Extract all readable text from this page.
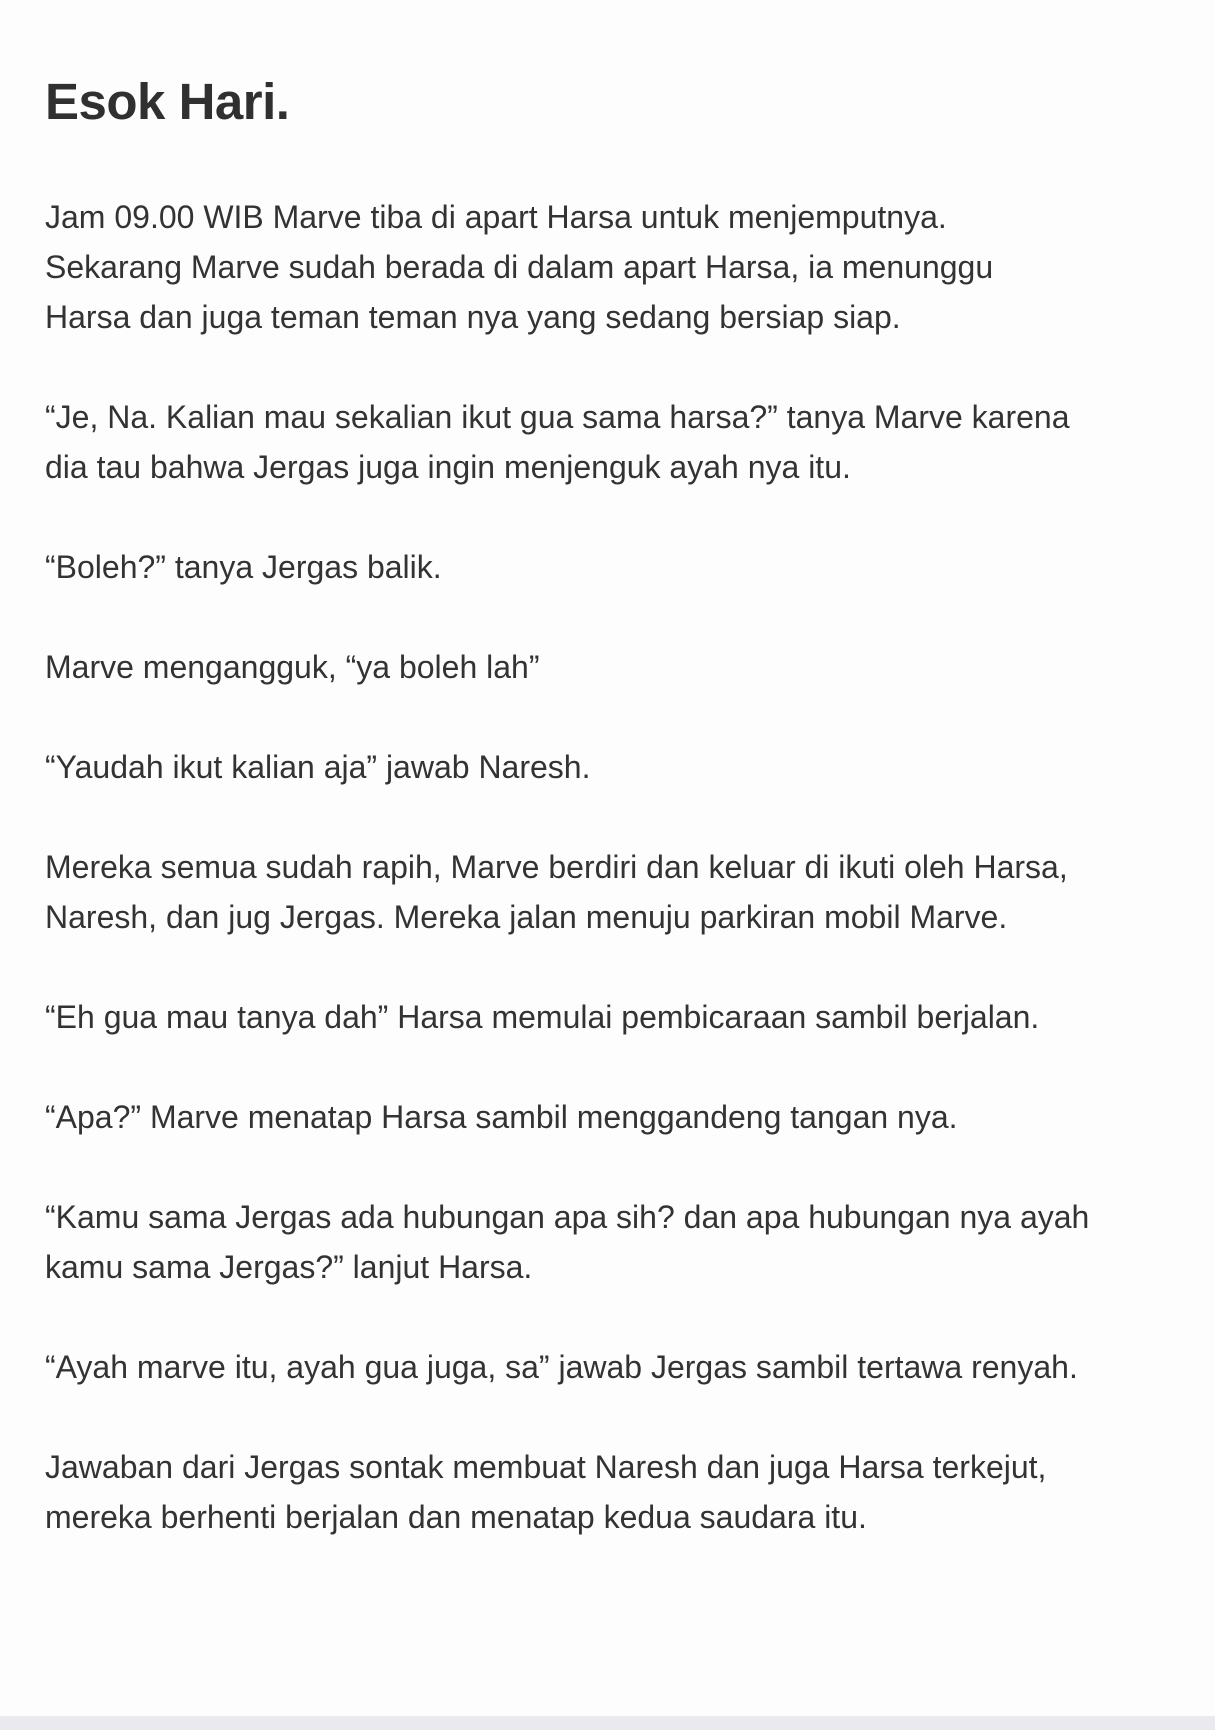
Esok Hari.

Jam 09.00 WIB Marve tiba di apart Harsa untuk menjemputnya.
Sekarang Marve sudah berada di dalam apart Harsa, ia menunggu
Harsa dan juga teman teman nya yang sedang bersiap siap.

“Je, Na. Kalian mau sekalian ikut gua sama harsa?” tanya Marve karena
dia tau bahwa Jergas juga ingin menjenguk ayah nya itu.

“Boleh?” tanya Jergas balik.

Marve mengangguk, “ya boleh lah”

“Yaudah ikut kalian aja” jawab Naresh.

Mereka semua sudah rapih, Marve berdiri dan keluar di ikuti oleh Harsa,
Naresh, dan jug Jergas. Mereka jalan menuju parkiran mobil Marve.

“Eh gua mau tanya dah” Harsa memulai pembicaraan sambil berjalan.

“Apa?” Marve menatap Harsa sambil menggandeng tangan nya.

“Kamu sama Jergas ada hubungan apa sih? dan apa hubungan nya ayah
kamu sama Jergas?” lanjut Harsa.

“Ayah marve itu, ayah gua juga, sa” jawab Jergas sambil tertawa renyah.

Jawaban dari Jergas sontak membuat Naresh dan juga Harsa terkejut,
mereka berhenti berjalan dan menatap kedua saudara itu.
